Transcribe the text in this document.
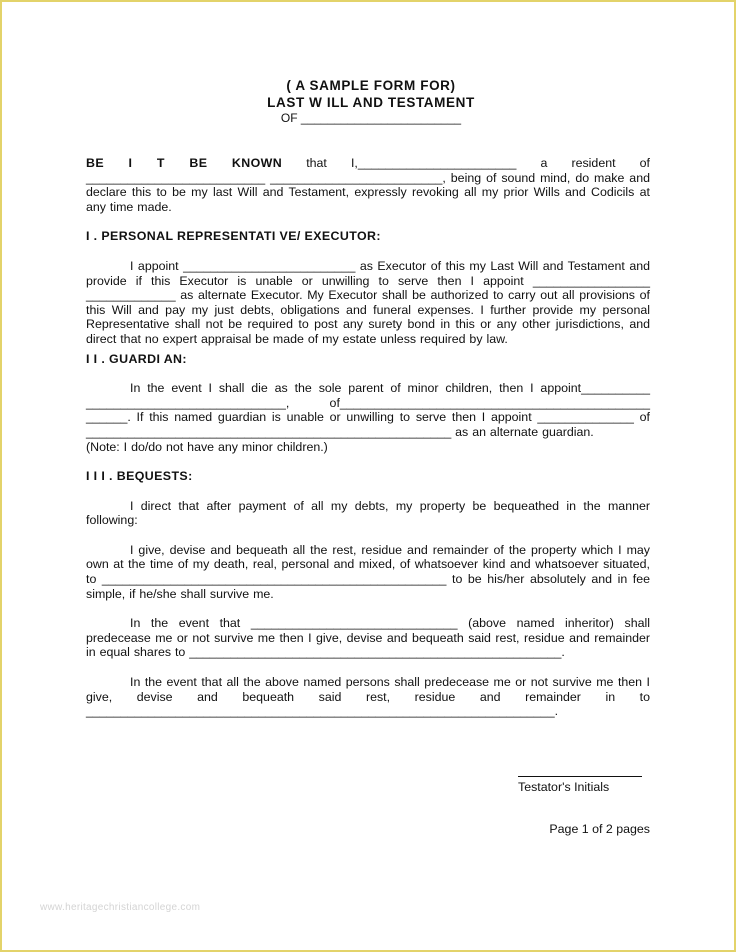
( A SAMPLE FORM FOR)
LAST W ILL AND TESTAMENT
OF ________________________

BE I T BE KNOWN that I,_______________________ a resident of __________________________ _________________________, being of sound mind, do make and declare this to be my last Will and Testament, expressly revoking all my prior Wills and Codicils at any time made.

I . PERSONAL REPRESENTATI VE/ EXECUTOR:

I appoint _________________________ as Executor of this my Last Will and Testament and provide if this Executor is unable or unwilling to serve then I appoint _________________ _____________ as alternate Executor. My Executor shall be authorized to carry out all provisions of this Will and pay my just debts, obligations and funeral expenses. I further provide my personal Representative shall not be required to post any surety bond in this or any other jurisdictions, and direct that no expert appraisal be made of my estate unless required by law.

I I . GUARDI AN:

In the event I shall die as the sole parent of minor children, then I appoint__________ _____________________________, of_____________________________________________ ______. If this named guardian is unable or unwilling to serve then I appoint ______________ of _____________________________________________________ as an alternate guardian.

(Note: I do/do not have any minor children.)

I I I . BEQUESTS:

I direct that after payment of all my debts, my property be bequeathed in the manner following:

I give, devise and bequeath all the rest, residue and remainder of the property which I may own at the time of my death, real, personal and mixed, of whatsoever kind and whatsoever situated, to __________________________________________________ to be his/her absolutely and in fee simple, if he/she shall survive me.

In the event that ______________________________ (above named inheritor) shall predecease me or not survive me then I give, devise and bequeath said rest, residue and remainder in equal shares to ______________________________________________________.

In the event that all the above named persons shall predecease me or not survive me then I give, devise and bequeath said rest, residue and remainder in to ____________________________________________________________________.

Testator's Initials
Page 1 of 2 pages
www.heritagechristiancollege.com
